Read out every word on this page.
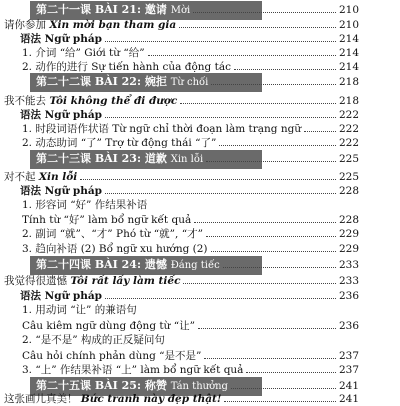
第二十一课 BÀI 21: 邀请 Mời	210
请你参加 Xin mời bạn tham gia	210
语法 Ngữ pháp	214
1. 介词 “给” Giới từ “给”	214
2. 动作的进行 Sự tiến hành của động tác	214
第二十二课 BÀI 22: 婉拒 Từ chối	218
我不能去 Tôi không thể đi được	218
语法 Ngữ pháp	222
1. 时段词语作状语 Từ ngữ chỉ thời đoạn làm trạng ngữ	222
2. 动态助词 “了” Trợ từ động thái “了”	222
第二十三课 BÀI 23: 道歉 Xin lỗi	225
对不起 Xin lỗi	225
语法 Ngữ pháp	228
1. 形容词 “好” 作结果补语
Tính từ “好” làm bổ ngữ kết quả	228
2. 副词 “就”、“才” Phó từ “就”, “才”	229
3. 趋向补语 (2) Bổ ngữ xu hướng (2)	229
第二十四课 BÀI 24: 遗憾 Đáng tiếc	233
我觉得很遗憾 Tôi rất lấy làm tiếc	233
语法 Ngữ pháp	236
1. 用动词 “让” 的兼语句
Câu kiêm ngữ dùng động từ “让”	236
2. “是不是” 构成的正反疑问句
Câu hỏi chính phản dùng “是不是”	237
3. “上” 作结果补语 “上” làm bổ ngữ kết quả	237
第二十五课 BÀI 25: 称赞 Tán thưởng	241
这张画儿真美！ Bức tranh này đẹp thật!	241
